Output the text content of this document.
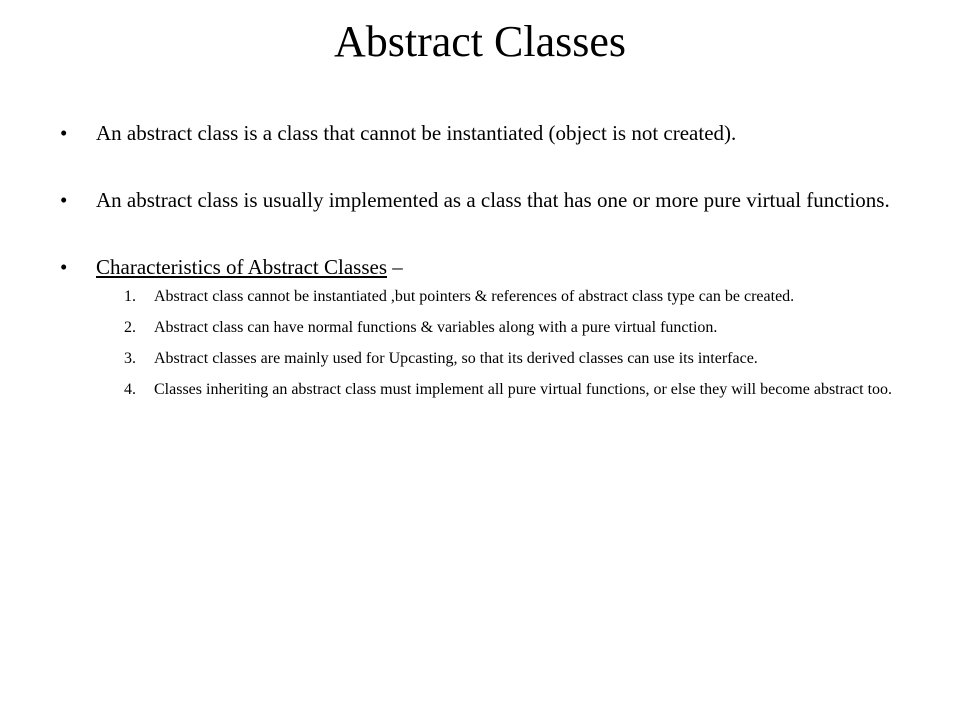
Abstract Classes
• An abstract class is a class that cannot be instantiated (object is not created).
• An abstract class is usually implemented as a class that has one or more pure virtual functions.
• Characteristics of Abstract Classes –
1. Abstract class cannot be instantiated ,but pointers & references of abstract class type can be created.
2. Abstract class can have normal functions & variables along with a pure virtual function.
3. Abstract classes are mainly used for Upcasting, so that its derived classes can use its interface.
4. Classes inheriting an abstract class must implement all pure virtual functions, or else they will become abstract too.
